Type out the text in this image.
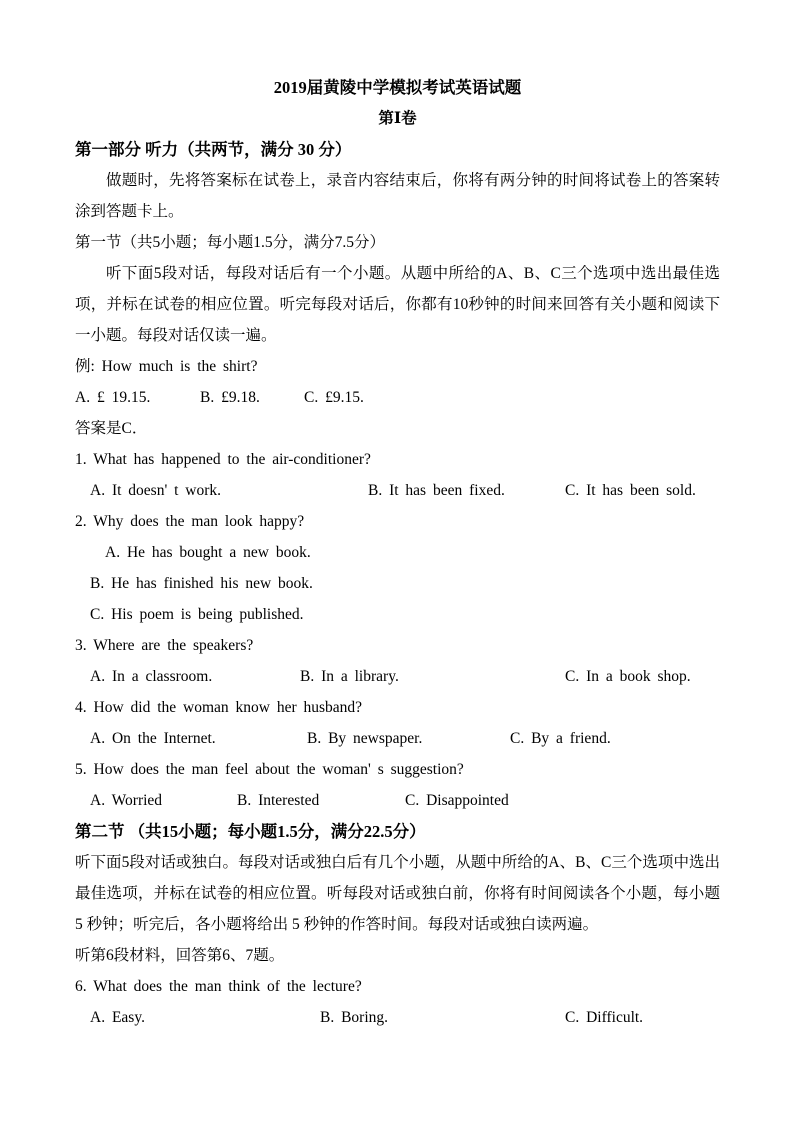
2019届黄陵中学模拟考试英语试题
第Ⅰ卷
第一部分 听力（共两节，满分 30 分）
做题时，先将答案标在试卷上，录音内容结束后，你将有两分钟的时间将试卷上的答案转涂到答题卡上。
第一节（共5小题；每小题1.5分，满分7.5分）
听下面5段对话，每段对话后有一个小题。从题中所给的A、B、C三个选项中选出最佳选项，并标在试卷的相应位置。听完每段对话后，你都有10秒钟的时间来回答有关小题和阅读下一小题。每段对话仅读一遍。
例: How much is the shirt?
A. £ 19.15.	B. £9.18.	C. £9.15.
答案是C．
1. What has happened to the air-conditioner?
A. It doesn' t work.	B. It has been fixed.	C. It has been sold.
2. Why does the man look happy?
A. He has bought a new book.
B. He has finished his new book.
C. His poem is being published.
3. Where are the speakers?
A. In a classroom.	B. In a library.	C. In a book shop.
4. How did the woman know her husband?
A. On the Internet.	B. By newspaper.	C. By a friend.
5. How does the man feel about the woman' s suggestion?
A. Worried	B. Interested	C. Disappointed
第二节 （共15小题；每小题1.5分，满分22.5分）
听下面5段对话或独白。每段对话或独白后有几个小题，从题中所给的A、B、C三个选项中选出最佳选项，并标在试卷的相应位置。听每段对话或独白前，你将有时间阅读各个小题，每小题 5 秒钟；听完后，各小题将给出 5 秒钟的作答时间。每段对话或独白读两遍。
听第6段材料，回答第6、7题。
6. What does the man think of the lecture?
A. Easy.	B. Boring.	C. Difficult.
